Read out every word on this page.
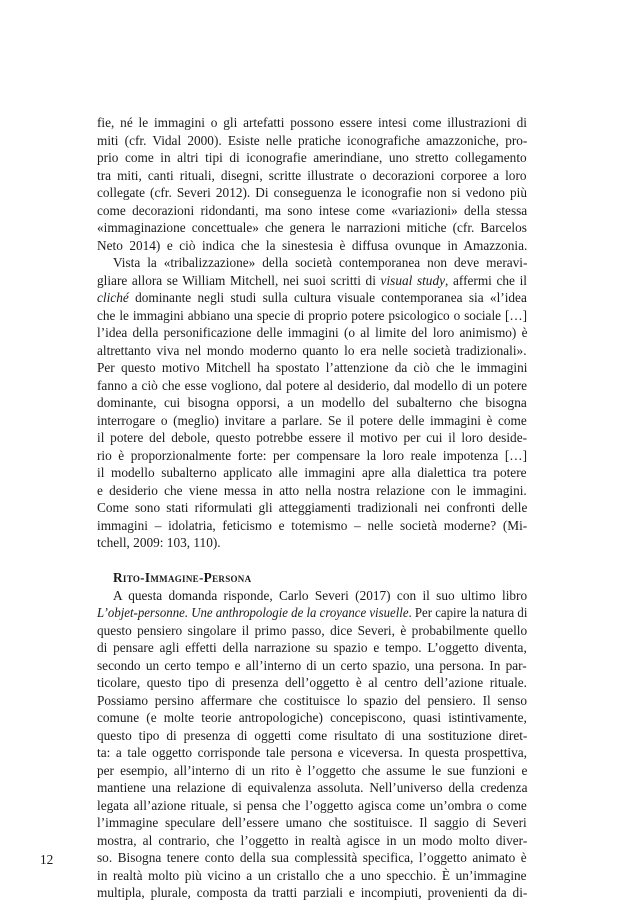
fie, né le immagini o gli artefatti possono essere intesi come illustrazioni di
miti (cfr. Vidal 2000). Esiste nelle pratiche iconografiche amazzoniche, pro-
prio come in altri tipi di iconografie amerindiane, uno stretto collegamento
tra miti, canti rituali, disegni, scritte illustrate o decorazioni corporee a loro
collegate (cfr. Severi 2012). Di conseguenza le iconografie non si vedono più
come decorazioni ridondanti, ma sono intese come «variazioni» della stessa
«immaginazione concettuale» che genera le narrazioni mitiche (cfr. Barcelos
Neto 2014) e ciò indica che la sinestesia è diffusa ovunque in Amazzonia.
Vista la «tribalizzazione» della società contemporanea non deve meravi-
gliare allora se William Mitchell, nei suoi scritti di visual study, affermi che il
cliché dominante negli studi sulla cultura visuale contemporanea sia «l’idea
che le immagini abbiano una specie di proprio potere psicologico o sociale […]
l’idea della personificazione delle immagini (o al limite del loro animismo) è
altrettanto viva nel mondo moderno quanto lo era nelle società tradizionali».
Per questo motivo Mitchell ha spostato l’attenzione da ciò che le immagini
fanno a ciò che esse vogliono, dal potere al desiderio, dal modello di un potere
dominante, cui bisogna opporsi, a un modello del subalterno che bisogna
interrogare o (meglio) invitare a parlare. Se il potere delle immagini è come
il potere del debole, questo potrebbe essere il motivo per cui il loro deside-
rio è proporzionalmente forte: per compensare la loro reale impotenza […]
il modello subalterno applicato alle immagini apre alla dialettica tra potere
e desiderio che viene messa in atto nella nostra relazione con le immagini.
Come sono stati riformulati gli atteggiamenti tradizionali nei confronti delle
immagini – idolatria, feticismo e totemismo – nelle società moderne? (Mi-
tchell, 2009: 103, 110).
Rito-Immagine-Persona
A questa domanda risponde, Carlo Severi (2017) con il suo ultimo libro
L’objet-personne. Une anthropologie de la croyance visuelle. Per capire la natura di
questo pensiero singolare il primo passo, dice Severi, è probabilmente quello
di pensare agli effetti della narrazione su spazio e tempo. L’oggetto diventa,
secondo un certo tempo e all’interno di un certo spazio, una persona. In par-
ticolare, questo tipo di presenza dell’oggetto è al centro dell’azione rituale.
Possiamo persino affermare che costituisce lo spazio del pensiero. Il senso
comune (e molte teorie antropologiche) concepiscono, quasi istintivamente,
questo tipo di presenza di oggetti come risultato di una sostituzione diret-
ta: a tale oggetto corrisponde tale persona e viceversa. In questa prospettiva,
per esempio, all’interno di un rito è l’oggetto che assume le sue funzioni e
mantiene una relazione di equivalenza assoluta. Nell’universo della credenza
legata all’azione rituale, si pensa che l’oggetto agisca come un’ombra o come
l’immagine speculare dell’essere umano che sostituisce. Il saggio di Severi
mostra, al contrario, che l’oggetto in realtà agisce in un modo molto diver-
so. Bisogna tenere conto della sua complessità specifica, l’oggetto animato è
in realtà molto più vicino a un cristallo che a uno specchio. È un’immagine
multipla, plurale, composta da tratti parziali e incompiuti, provenienti da di-
12
